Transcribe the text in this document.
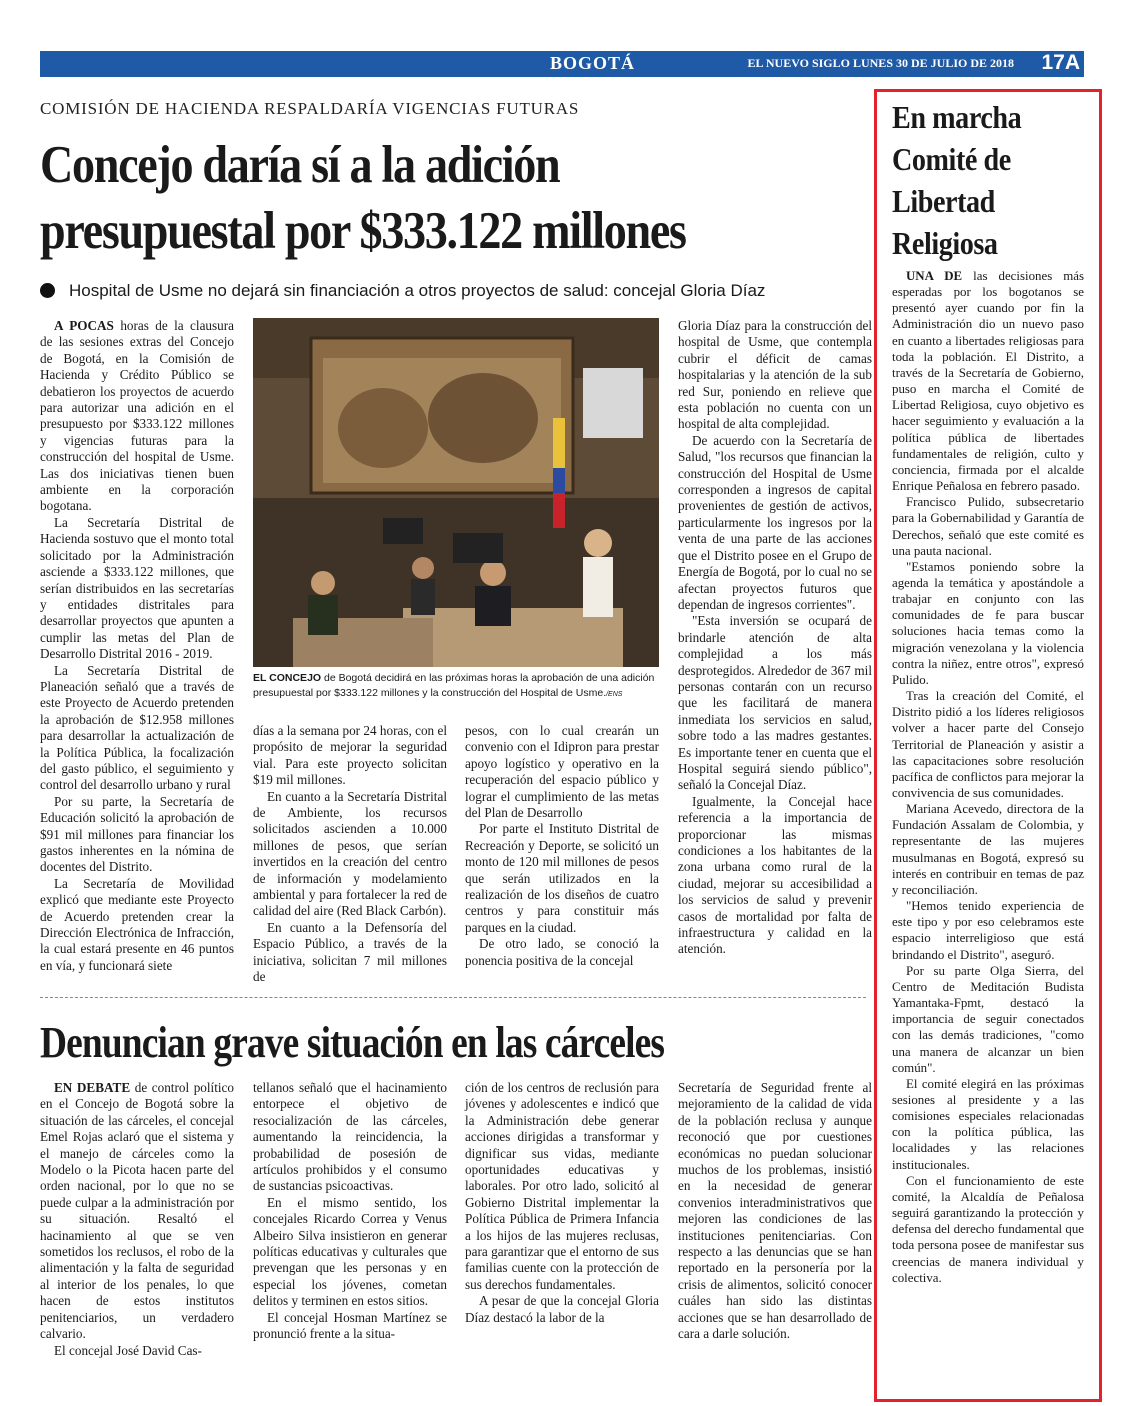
BOGOTÁ	EL NUEVO SIGLO LUNES 30 DE JULIO DE 2018 17A
COMISIÓN DE HACIENDA RESPALDARÍA VIGENCIAS FUTURAS
Concejo daría sí a la adición
presupuestal por $333.122 millones
Hospital de Usme no dejará sin financiación a otros proyectos de salud: concejal Gloria Díaz

A POCAS horas de la clausura de las sesiones extras del Concejo de Bogotá, en la Comisión de Hacienda y Crédito Público se debatieron los proyectos de acuerdo para autorizar una adición en el presupuesto por $333.122 millones y vigencias futuras para la construcción del hospital de Usme. Las dos iniciativas tienen buen ambiente en la corporación bogotana.

La Secretaría Distrital de Hacienda sostuvo que el monto total solicitado por la Administración asciende a $333.122 millones, que serían distribuidos en las secretarías y entidades distritales para desarrollar proyectos que apunten a cumplir las metas del Plan de Desarrollo Distrital 2016 - 2019.

La Secretaría Distrital de Planeación señaló que a través de este Proyecto de Acuerdo pretenden la aprobación de $12.958 millones para desarrollar la actualización de la Política Pública, la focalización del gasto público, el seguimiento y control del desarrollo urbano y rural

Por su parte, la Secretaría de Educación solicitó la aprobación de $91 mil millones para financiar los gastos inherentes en la nómina de docentes del Distrito.

La Secretaría de Movilidad explicó que mediante este Proyecto de Acuerdo pretenden crear la Dirección Electrónica de Infracción, la cual estará presente en 46 puntos en vía, y funcionará siete

EL CONCEJO de Bogotá decidirá en las próximas horas la aprobación de una adición presupuestal por $333.122 millones y la construcción del Hospital de Usme./ENS

días a la semana por 24 horas, con el propósito de mejorar la seguridad vial. Para este proyecto solicitan $19 mil millones.

En cuanto a la Secretaría Distrital de Ambiente, los recursos solicitados ascienden a 10.000 millones de pesos, que serían invertidos en la creación del centro de información y modelamiento ambiental y para fortalecer la red de calidad del aire (Red Black Carbón).

En cuanto a la Defensoría del Espacio Público, a través de la iniciativa, solicitan 7 mil millones de

pesos, con lo cual crearán un convenio con el Idipron para prestar apoyo logístico y operativo en la recuperación del espacio público y lograr el cumplimiento de las metas del Plan de Desarrollo

Por parte el Instituto Distrital de Recreación y Deporte, se solicitó un monto de 120 mil millones de pesos que serán utilizados en la realización de los diseños de cuatro centros y para constituir más parques en la ciudad.

De otro lado, se conoció la ponencia positiva de la concejal

Gloria Díaz para la construcción del hospital de Usme, que contempla cubrir el déficit de camas hospitalarias y la atención de la sub red Sur, poniendo en relieve que esta población no cuenta con un hospital de alta complejidad.

De acuerdo con la Secretaría de Salud, "los recursos que financian la construcción del Hospital de Usme corresponden a ingresos de capital provenientes de gestión de activos, particularmente los ingresos por la venta de una parte de las acciones que el Distrito posee en el Grupo de Energía de Bogotá, por lo cual no se afectan proyectos futuros que dependan de ingresos corrientes".

"Esta inversión se ocupará de brindarle atención de alta complejidad a los más desprotegidos. Alrededor de 367 mil personas contarán con un recurso que les facilitará de manera inmediata los servicios en salud, sobre todo a las madres gestantes. Es importante tener en cuenta que el Hospital seguirá siendo público", señaló la Concejal Díaz.

Igualmente, la Concejal hace referencia a la importancia de proporcionar las mismas condiciones a los habitantes de la zona urbana como rural de la ciudad, mejorar su accesibilidad a los servicios de salud y prevenir casos de mortalidad por falta de infraestructura y calidad en la atención.

Denuncian grave situación en las cárceles

EN DEBATE de control político en el Concejo de Bogotá sobre la situación de las cárceles, el concejal Emel Rojas aclaró que el sistema y el manejo de cárceles como la Modelo o la Picota hacen parte del orden nacional, por lo que no se puede culpar a la administración por su situación. Resaltó el hacinamiento al que se ven sometidos los reclusos, el robo de la alimentación y la falta de seguridad al interior de los penales, lo que hacen de estos institutos penitenciarios, un verdadero calvario.

El concejal José David Cas-

tellanos señaló que el hacinamiento entorpece el objetivo de resocialización de las cárceles, aumentando la reincidencia, la probabilidad de posesión de artículos prohibidos y el consumo de sustancias psicoactivas.

En el mismo sentido, los concejales Ricardo Correa y Venus Albeiro Silva insistieron en generar políticas educativas y culturales que prevengan que les personas y en especial los jóvenes, cometan delitos y terminen en estos sitios.

El concejal Hosman Martínez se pronunció frente a la situa-

ción de los centros de reclusión para jóvenes y adolescentes e indicó que la Administración debe generar acciones dirigidas a transformar y dignificar sus vidas, mediante oportunidades educativas y laborales. Por otro lado, solicitó al Gobierno Distrital implementar la Política Pública de Primera Infancia a los hijos de las mujeres reclusas, para garantizar que el entorno de sus familias cuente con la protección de sus derechos fundamentales.

A pesar de que la concejal Gloria Díaz destacó la labor de la

Secretaría de Seguridad frente al mejoramiento de la calidad de vida de la población reclusa y aunque reconoció que por cuestiones económicas no puedan solucionar muchos de los problemas, insistió en la necesidad de generar convenios interadministrativos que mejoren las condiciones de las instituciones penitenciarias. Con respecto a las denuncias que se han reportado en la personería por la crisis de alimentos, solicitó conocer cuáles han sido las distintas acciones que se han desarrollado de cara a darle solución.

En marcha
Comité de
Libertad
Religiosa

UNA DE las decisiones más esperadas por los bogotanos se presentó ayer cuando por fin la Administración dio un nuevo paso en cuanto a libertades religiosas para toda la población. El Distrito, a través de la Secretaría de Gobierno, puso en marcha el Comité de Libertad Religiosa, cuyo objetivo es hacer seguimiento y evaluación a la política pública de libertades fundamentales de religión, culto y conciencia, firmada por el alcalde Enrique Peñalosa en febrero pasado.

Francisco Pulido, subsecretario para la Gobernabilidad y Garantía de Derechos, señaló que este comité es una pauta nacional.

"Estamos poniendo sobre la agenda la temática y apostándole a trabajar en conjunto con las comunidades de fe para buscar soluciones hacia temas como la migración venezolana y la violencia contra la niñez, entre otros", expresó Pulido.

Tras la creación del Comité, el Distrito pidió a los líderes religiosos volver a hacer parte del Consejo Territorial de Planeación y asistir a las capacitaciones sobre resolución pacífica de conflictos para mejorar la convivencia de sus comunidades.

Mariana Acevedo, directora de la Fundación Assalam de Colombia, y representante de las mujeres musulmanas en Bogotá, expresó su interés en contribuir en temas de paz y reconciliación.

"Hemos tenido experiencia de este tipo y por eso celebramos este espacio interreligioso que está brindando el Distrito", aseguró.

Por su parte Olga Sierra, del Centro de Meditación Budista Yamantaka-Fpmt, destacó la importancia de seguir conectados con las demás tradiciones, "como una manera de alcanzar un bien común".

El comité elegirá en las próximas sesiones al presidente y a las comisiones especiales relacionadas con la política pública, las localidades y las relaciones institucionales.

Con el funcionamiento de este comité, la Alcaldía de Peñalosa seguirá garantizando la protección y defensa del derecho fundamental que toda persona posee de manifestar sus creencias de manera individual y colectiva.
